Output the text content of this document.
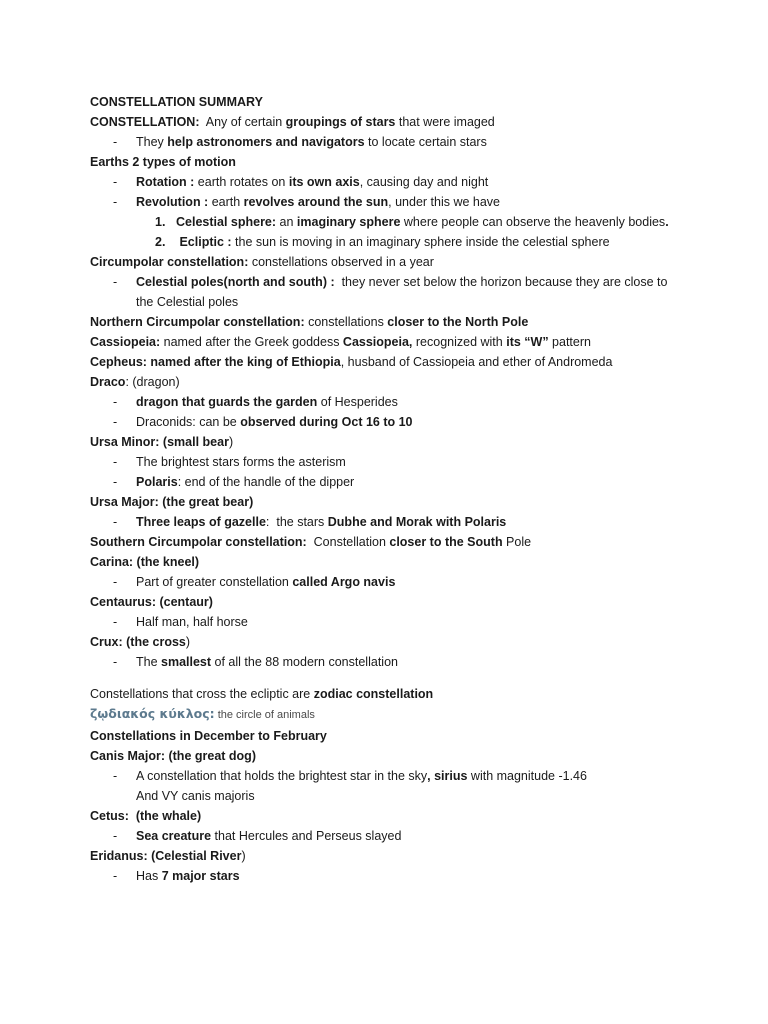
CONSTELLATION SUMMARY
CONSTELLATION:  Any of certain groupings of stars that were imaged
- They help astronomers and navigators to locate certain stars
Earths 2 types of motion
- Rotation : earth rotates on its own axis, causing day and night
- Revolution : earth revolves around the sun, under this we have
1. Celestial sphere: an imaginary sphere where people can observe the heavenly bodies.
2. Ecliptic : the sun is moving in an imaginary sphere inside the celestial sphere
Circumpolar constellation: constellations observed in a year
- Celestial poles(north and south) :  they never set below the horizon because they are close to
the Celestial poles
Northern Circumpolar constellation: constellations closer to the North Pole
Cassiopeia: named after the Greek goddess Cassiopeia, recognized with its “W” pattern
Cepheus: named after the king of Ethiopia, husband of Cassiopeia and ether of Andromeda
Draco: (dragon)
- dragon that guards the garden of Hesperides
- Draconids: can be observed during Oct 16 to 10
Ursa Minor: (small bear)
- The brightest stars forms the asterism
- Polaris: end of the handle of the dipper
Ursa Major: (the great bear)
- Three leaps of gazelle:  the stars Dubhe and Morak with Polaris
Southern Circumpolar constellation:  Constellation closer to the South Pole
Carina: (the kneel)
- Part of greater constellation called Argo navis
Centaurus: (centaur)
- Half man, half horse
Crux: (the cross)
- The smallest of all the 88 modern constellation
Constellations that cross the ecliptic are zodiac constellation
ζῳδιακός κύκλος: the circle of animals
Constellations in December to February
Canis Major: (the great dog)
- A constellation that holds the brightest star in the sky, sirius with magnitude -1.46
And VY canis majoris
Cetus:  (the whale)
- Sea creature that Hercules and Perseus slayed
Eridanus: (Celestial River)
- Has 7 major stars
